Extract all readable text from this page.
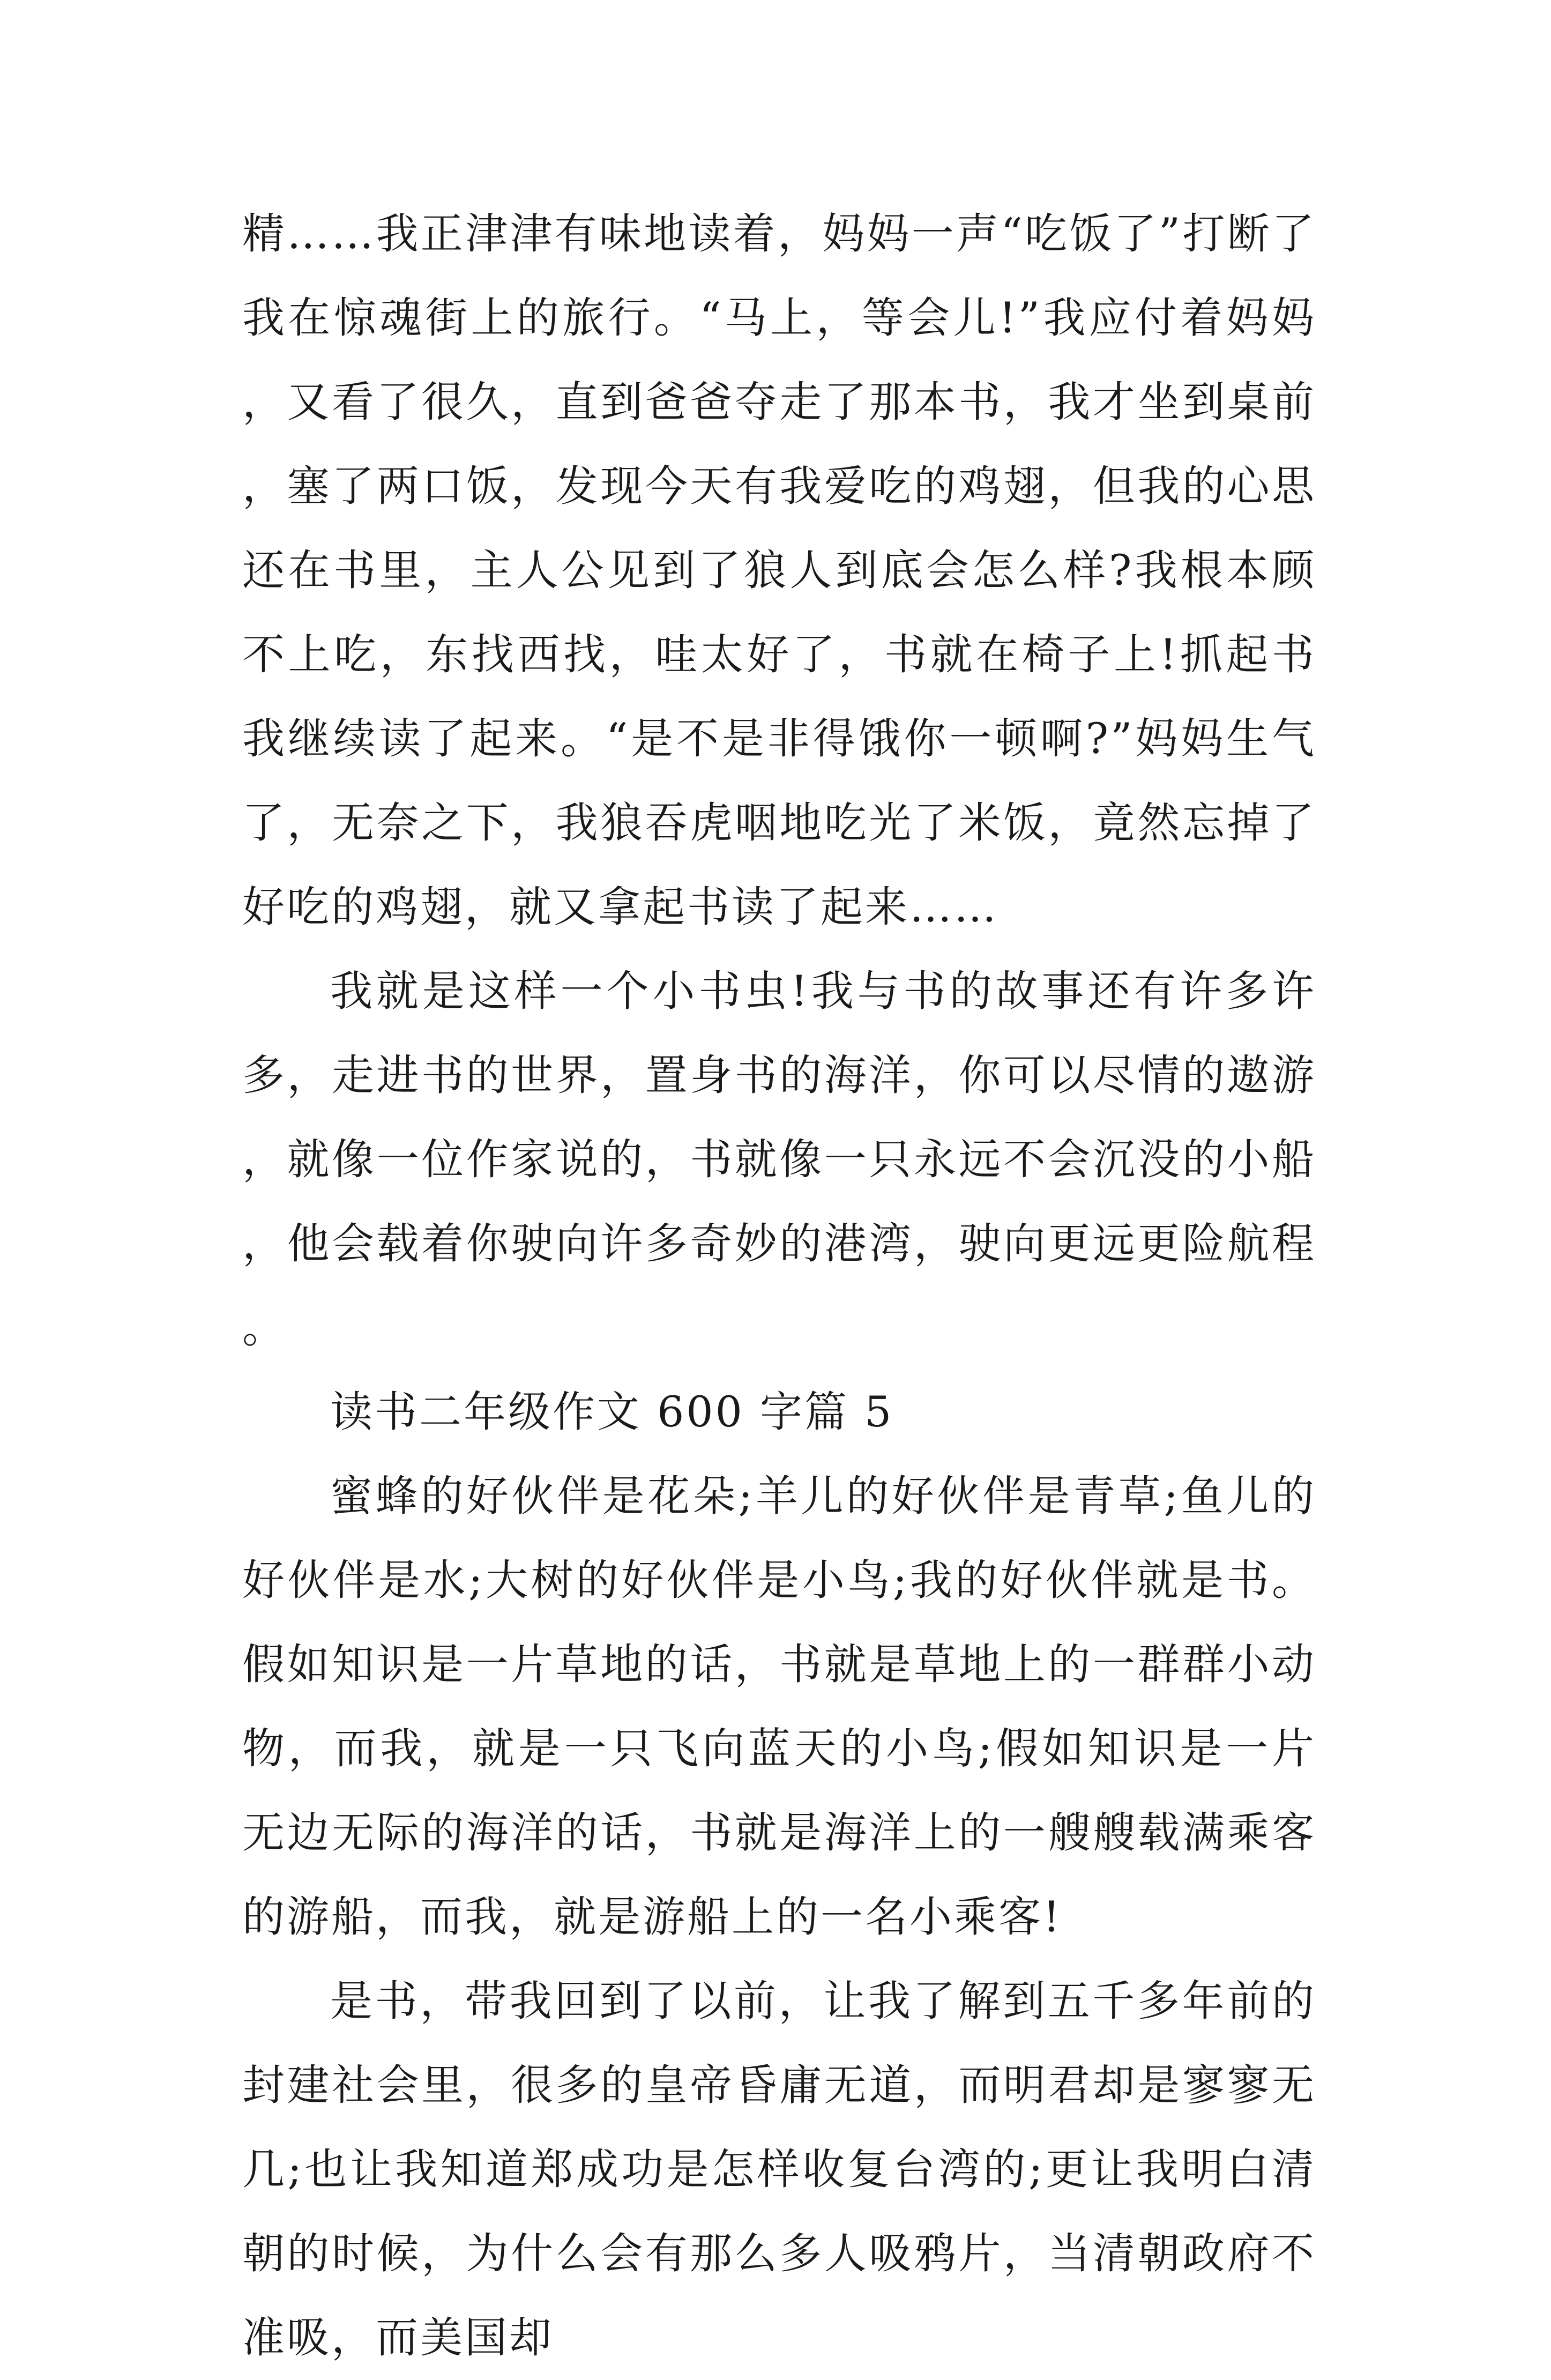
精……我正津津有味地读着，妈妈一声“吃饭了”打断了我在惊魂街上的旅行。“马上，等会儿!”我应付着妈妈，又看了很久，直到爸爸夺走了那本书，我才坐到桌前，塞了两口饭，发现今天有我爱吃的鸡翅，但我的心思还在书里，主人公见到了狼人到底会怎么样?我根本顾不上吃，东找西找，哇太好了，书就在椅子上!抓起书我继续读了起来。“是不是非得饿你一顿啊?”妈妈生气了，无奈之下，我狼吞虎咽地吃光了米饭，竟然忘掉了好吃的鸡翅，就又拿起书读了起来……

我就是这样一个小书虫!我与书的故事还有许多许多，走进书的世界，置身书的海洋，你可以尽情的遨游，就像一位作家说的，书就像一只永远不会沉没的小船，他会载着你驶向许多奇妙的港湾，驶向更远更险航程。

读书二年级作文 600 字篇 5

蜜蜂的好伙伴是花朵;羊儿的好伙伴是青草;鱼儿的好伙伴是水;大树的好伙伴是小鸟;我的好伙伴就是书。假如知识是一片草地的话，书就是草地上的一群群小动物，而我，就是一只飞向蓝天的小鸟;假如知识是一片无边无际的海洋的话，书就是海洋上的一艘艘载满乘客的游船，而我，就是游船上的一名小乘客!

是书，带我回到了以前，让我了解到五千多年前的封建社会里，很多的皇帝昏庸无道，而明君却是寥寥无几;也让我知道郑成功是怎样收复台湾的;更让我明白清朝的时候，为什么会有那么多人吸鸦片，当清朝政府不准吸，而美国却
